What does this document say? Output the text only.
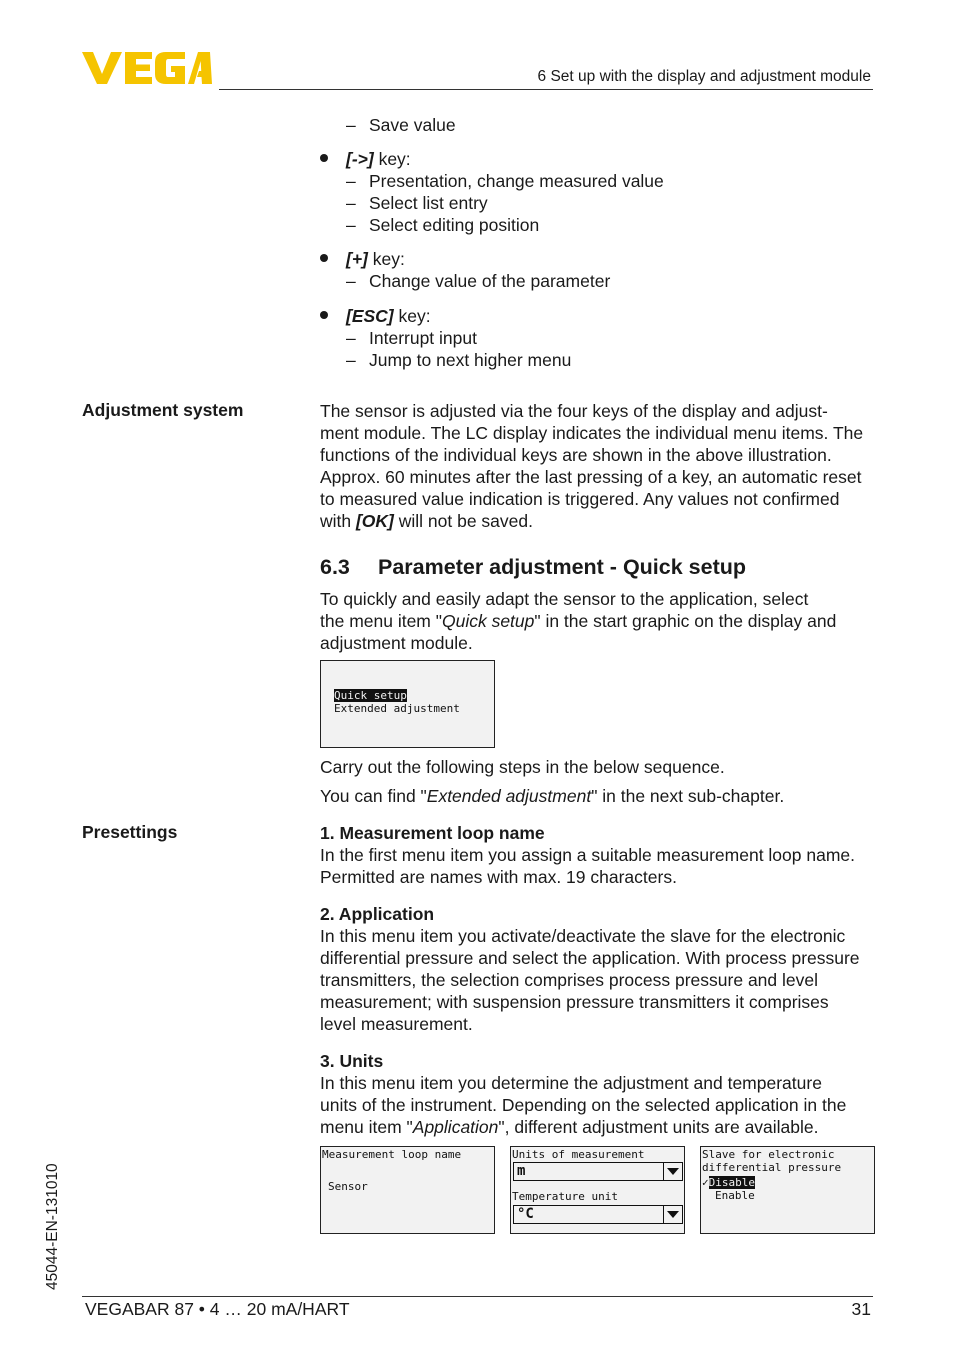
6 Set up with the display and adjustment module
– Save value
[->] key:
– Presentation, change measured value
– Select list entry
– Select editing position
[+] key:
– Change value of the parameter
[ESC] key:
– Interrupt input
– Jump to next higher menu
Adjustment system	The sensor is adjusted via the four keys of the display and adjust-
ment module. The LC display indicates the individual menu items. The
functions of the individual keys are shown in the above illustration.
Approx. 60 minutes after the last pressing of a key, an automatic reset
to measured value indication is triggered. Any values not confirmed
with [OK] will not be saved.
6.3 Parameter adjustment - Quick setup
To quickly and easily adapt the sensor to the application, select
the menu item "Quick setup" in the start graphic on the display and
adjustment module.
Quick setup
Extended adjustment
Carry out the following steps in the below sequence.
You can find "Extended adjustment" in the next sub-chapter.
Presettings	1. Measurement loop name
In the first menu item you assign a suitable measurement loop name.
Permitted are names with max. 19 characters.
2. Application
In this menu item you activate/deactivate the slave for the electronic
differential pressure and select the application. With process pressure
transmitters, the selection comprises process pressure and level
measurement; with suspension pressure transmitters it comprises
level measurement.
3. Units
In this menu item you determine the adjustment and temperature
units of the instrument. Depending on the selected application in the
menu item "Application", different adjustment units are available.
Measurement loop name
Sensor
Units of measurement
m
Temperature unit
°C
Slave for electronic
differential pressure
✓Disable
Enable
45044-EN-131010
VEGABAR 87 • 4 … 20 mA/HART	31
